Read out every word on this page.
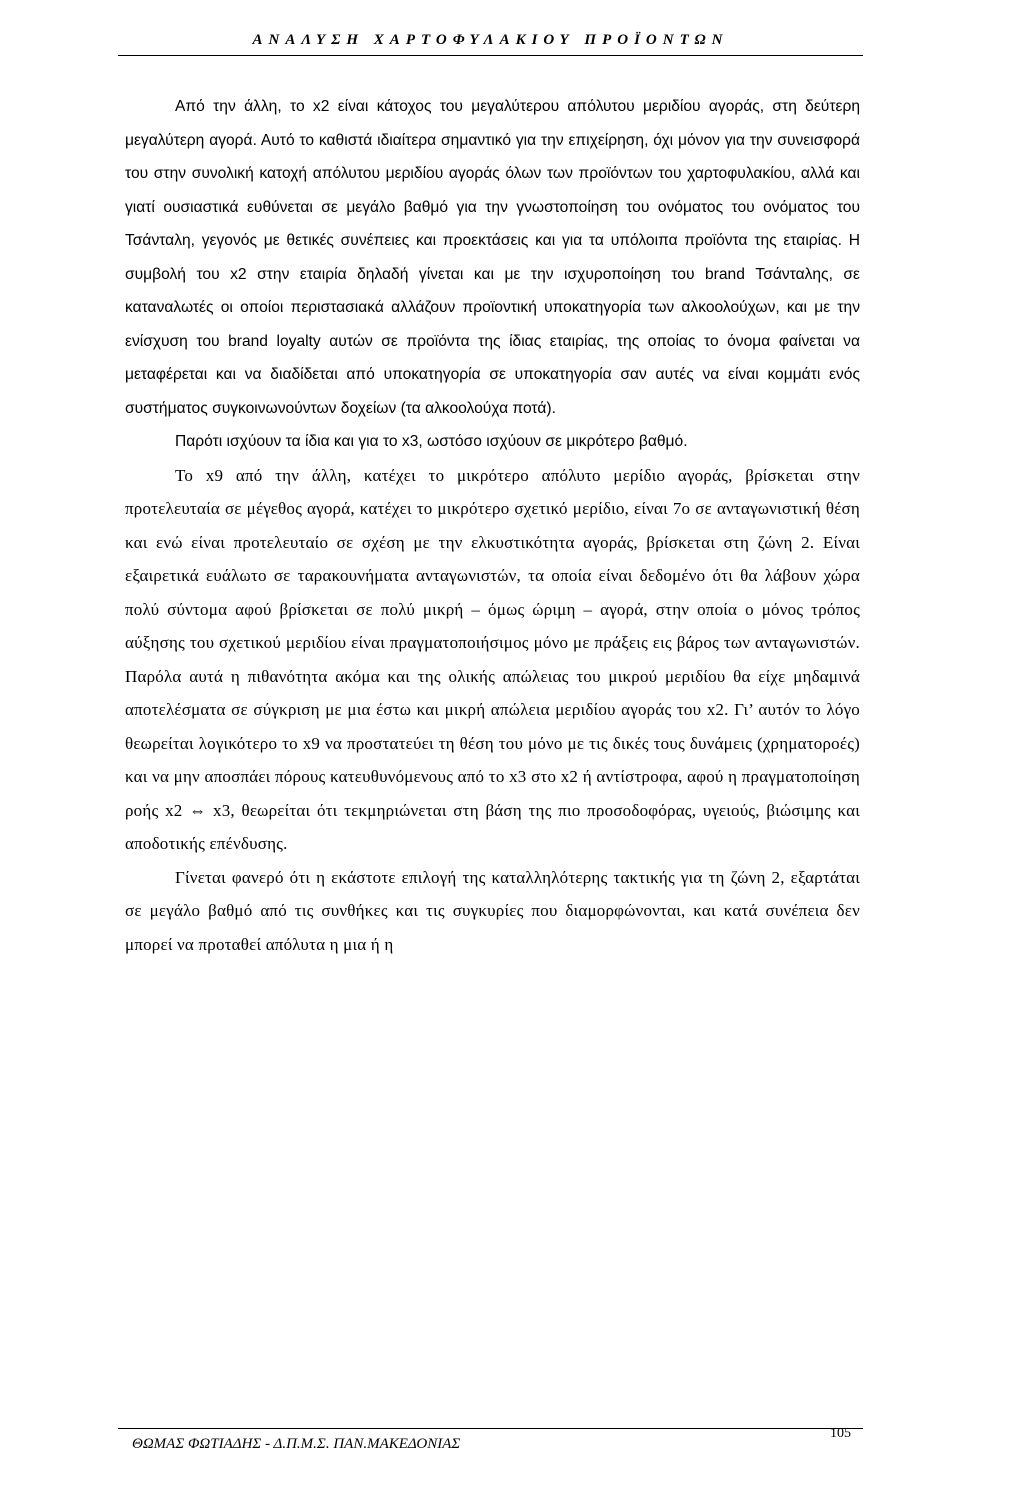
ΑΝΑΛΥΣΗ ΧΑΡΤΟΦΥΛΑΚΙΟΥ ΠΡΟΪΟΝΤΩΝ

Από την άλλη, το x2 είναι κάτοχος του μεγαλύτερου απόλυτου μεριδίου αγοράς, στη δεύτερη μεγαλύτερη αγορά. Αυτό το καθιστά ιδιαίτερα σημαντικό για την επιχείρηση, όχι μόνον για την συνεισφορά του στην συνολική κατοχή απόλυτου μεριδίου αγοράς όλων των προϊόντων του χαρτοφυλακίου, αλλά και γιατί ουσιαστικά ευθύνεται σε μεγάλο βαθμό για την γνωστοποίηση του ονόματος του ονόματος του Τσάνταλη, γεγονός με θετικές συνέπειες και προεκτάσεις και για τα υπόλοιπα προϊόντα της εταιρίας. Η συμβολή του x2 στην εταιρία δηλαδή γίνεται και με την ισχυροποίηση του brand Τσάνταλης, σε καταναλωτές οι οποίοι περιστασιακά αλλάζουν προϊοντική υποκατηγορία των αλκοολούχων, και με την ενίσχυση του brand loyalty αυτών σε προϊόντα της ίδιας εταιρίας, της οποίας το όνομα φαίνεται να μεταφέρεται και να διαδίδεται από υποκατηγορία σε υποκατηγορία σαν αυτές να είναι κομμάτι ενός συστήματος συγκοινωνούντων δοχείων (τα αλκοολούχα ποτά).

Παρότι ισχύουν τα ίδια και για το x3, ωστόσο ισχύουν σε μικρότερο βαθμό.

Το x9 από την άλλη, κατέχει το μικρότερο απόλυτο μερίδιο αγοράς, βρίσκεται στην προτελευταία σε μέγεθος αγορά, κατέχει το μικρότερο σχετικό μερίδιο, είναι 7ο σε ανταγωνιστική θέση και ενώ είναι προτελευταίο σε σχέση με την ελκυστικότητα αγοράς, βρίσκεται στη ζώνη 2. Είναι εξαιρετικά ευάλωτο σε ταρακουνήματα ανταγωνιστών, τα οποία είναι δεδομένο ότι θα λάβουν χώρα πολύ σύντομα αφού βρίσκεται σε πολύ μικρή – όμως ώριμη – αγορά, στην οποία ο μόνος τρόπος αύξησης του σχετικού μεριδίου είναι πραγματοποιήσιμος μόνο με πράξεις εις βάρος των ανταγωνιστών. Παρόλα αυτά η πιθανότητα ακόμα και της ολικής απώλειας του μικρού μεριδίου θα είχε μηδαμινά αποτελέσματα σε σύγκριση με μια έστω και μικρή απώλεια μεριδίου αγοράς του x2. Γι’ αυτόν το λόγο θεωρείται λογικότερο το x9 να προστατεύει τη θέση του μόνο με τις δικές τους δυνάμεις (χρηματοροές) και να μην αποσπάει πόρους κατευθυνόμενους από το x3 στο x2 ή αντίστροφα, αφού η πραγματοποίηση ροής x2 ⇔ x3, θεωρείται ότι τεκμηριώνεται στη βάση της πιο προσοδοφόρας, υγειούς, βιώσιμης και αποδοτικής επένδυσης.

Γίνεται φανερό ότι η εκάστοτε επιλογή της καταλληλότερης τακτικής για τη ζώνη 2, εξαρτάται σε μεγάλο βαθμό από τις συνθήκες και τις συγκυρίες που διαμορφώνονται, και κατά συνέπεια δεν μπορεί να προταθεί απόλυτα η μια ή η

ΘΩΜΑΣ ΦΩΤΙΑΔΗΣ - Δ.Π.Μ.Σ. ΠΑΝ.ΜΑΚΕΔΟΝΙΑΣ
105
